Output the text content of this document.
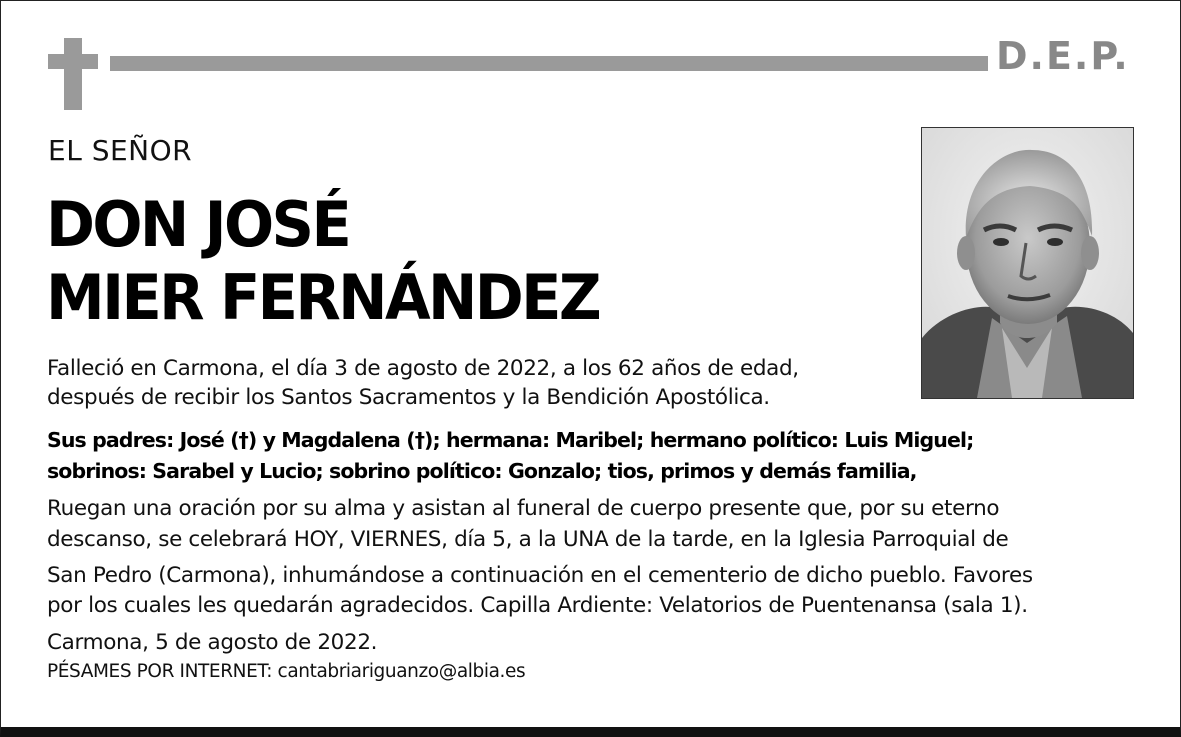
D.E.P.
EL SEÑOR
DON JOSÉ
MIER FERNÁNDEZ
Falleció en Carmona, el día 3 de agosto de 2022, a los 62 años de edad,
después de recibir los Santos Sacramentos y la Bendición Apostólica.
Sus padres: José (†) y Magdalena (†); hermana: Maribel; hermano político: Luis Miguel;
sobrinos: Sarabel y Lucio; sobrino político: Gonzalo; tios, primos y demás familia,
Ruegan una oración por su alma y asistan al funeral de cuerpo presente que, por su eterno
descanso, se celebrará HOY, VIERNES, día 5, a la UNA de la tarde, en la Iglesia Parroquial de
San Pedro (Carmona), inhumándose a continuación en el cementerio de dicho pueblo. Favores
por los cuales les quedarán agradecidos. Capilla Ardiente: Velatorios de Puentenansa (sala 1).
Carmona, 5 de agosto de 2022.
PÉSAMES POR INTERNET: cantabriariguanzo@albia.es
